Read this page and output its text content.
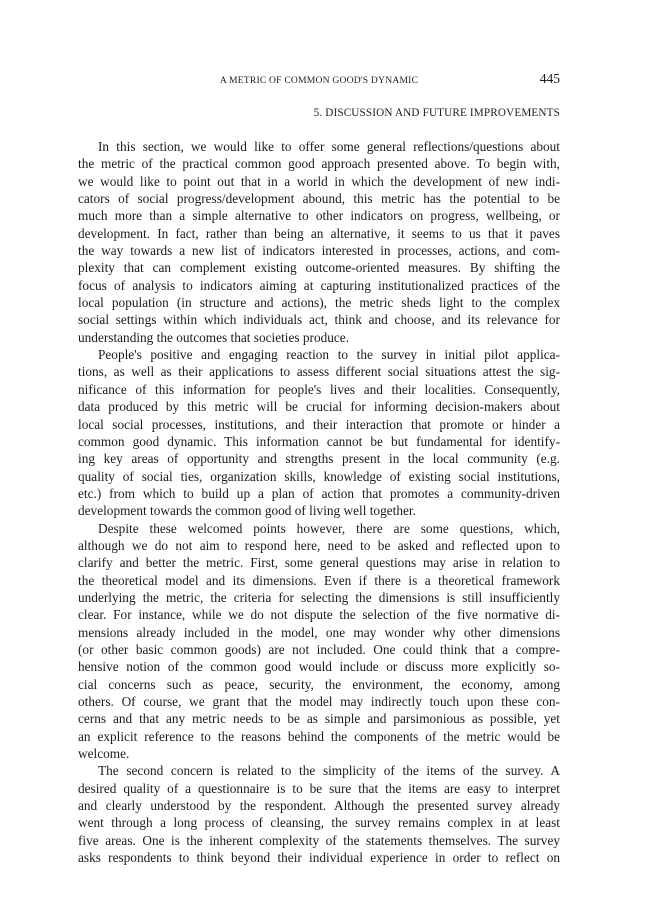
A METRIC OF COMMON GOOD'S DYNAMIC	445
5. DISCUSSION AND FUTURE IMPROVEMENTS
In this section, we would like to offer some general reflections/questions about
the metric of the practical common good approach presented above. To begin with,
we would like to point out that in a world in which the development of new indi-
cators of social progress/development abound, this metric has the potential to be
much more than a simple alternative to other indicators on progress, wellbeing, or
development. In fact, rather than being an alternative, it seems to us that it paves
the way towards a new list of indicators interested in processes, actions, and com-
plexity that can complement existing outcome-oriented measures. By shifting the
focus of analysis to indicators aiming at capturing institutionalized practices of the
local population (in structure and actions), the metric sheds light to the complex
social settings within which individuals act, think and choose, and its relevance for
understanding the outcomes that societies produce.
People's positive and engaging reaction to the survey in initial pilot applica-
tions, as well as their applications to assess different social situations attest the sig-
nificance of this information for people's lives and their localities. Consequently,
data produced by this metric will be crucial for informing decision-makers about
local social processes, institutions, and their interaction that promote or hinder a
common good dynamic. This information cannot be but fundamental for identify-
ing key areas of opportunity and strengths present in the local community (e.g.
quality of social ties, organization skills, knowledge of existing social institutions,
etc.) from which to build up a plan of action that promotes a community-driven
development towards the common good of living well together.
Despite these welcomed points however, there are some questions, which,
although we do not aim to respond here, need to be asked and reflected upon to
clarify and better the metric. First, some general questions may arise in relation to
the theoretical model and its dimensions. Even if there is a theoretical framework
underlying the metric, the criteria for selecting the dimensions is still insufficiently
clear. For instance, while we do not dispute the selection of the five normative di-
mensions already included in the model, one may wonder why other dimensions
(or other basic common goods) are not included. One could think that a compre-
hensive notion of the common good would include or discuss more explicitly so-
cial concerns such as peace, security, the environment, the economy, among
others. Of course, we grant that the model may indirectly touch upon these con-
cerns and that any metric needs to be as simple and parsimonious as possible, yet
an explicit reference to the reasons behind the components of the metric would be
welcome.
The second concern is related to the simplicity of the items of the survey. A
desired quality of a questionnaire is to be sure that the items are easy to interpret
and clearly understood by the respondent. Although the presented survey already
went through a long process of cleansing, the survey remains complex in at least
five areas. One is the inherent complexity of the statements themselves. The survey
asks respondents to think beyond their individual experience in order to reflect on
